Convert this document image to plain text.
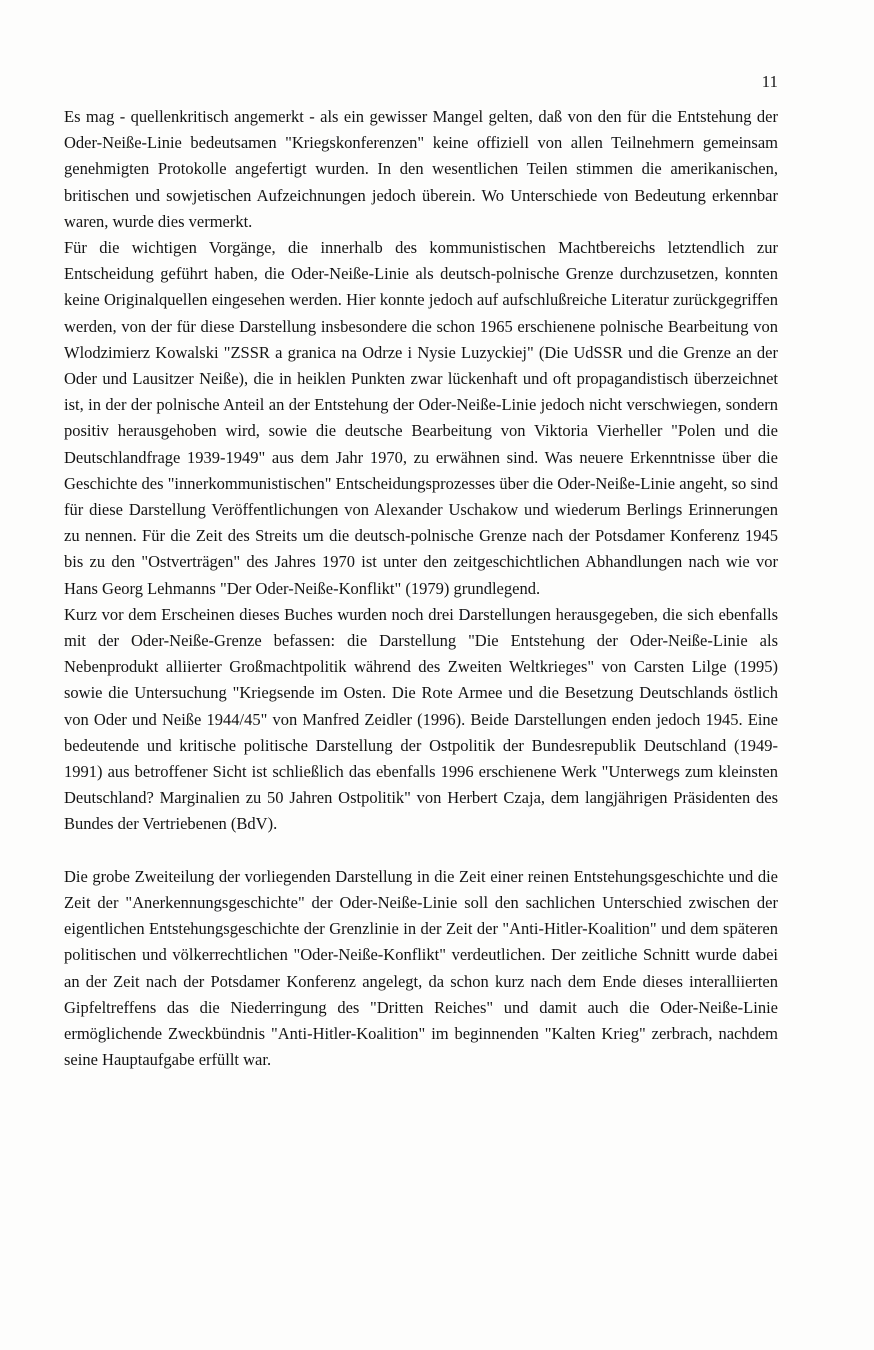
11

Es mag - quellenkritisch angemerkt - als ein gewisser Mangel gelten, daß von den für die Entstehung der Oder-Neiße-Linie bedeutsamen "Kriegskonferenzen" keine offiziell von allen Teilnehmern gemeinsam genehmigten Protokolle angefertigt wurden. In den wesentlichen Teilen stimmen die amerikanischen, britischen und sowjetischen Aufzeichnungen jedoch überein. Wo Unterschiede von Bedeutung erkennbar waren, wurde dies vermerkt.

Für die wichtigen Vorgänge, die innerhalb des kommunistischen Machtbereichs letztendlich zur Entscheidung geführt haben, die Oder-Neiße-Linie als deutsch-polnische Grenze durchzusetzen, konnten keine Originalquellen eingesehen werden. Hier konnte jedoch auf aufschlußreiche Literatur zurückgegriffen werden, von der für diese Darstellung insbesondere die schon 1965 erschienene polnische Bearbeitung von Wlodzimierz Kowalski "ZSSR a granica na Odrze i Nysie Luzyckiej" (Die UdSSR und die Grenze an der Oder und Lausitzer Neiße), die in heiklen Punkten zwar lückenhaft und oft propagandistisch überzeichnet ist, in der der polnische Anteil an der Entstehung der Oder-Neiße-Linie jedoch nicht verschwiegen, sondern positiv herausgehoben wird, sowie die deutsche Bearbeitung von Viktoria Vierheller "Polen und die Deutschlandfrage 1939-1949" aus dem Jahr 1970, zu erwähnen sind. Was neuere Erkenntnisse über die Geschichte des "innerkommunistischen" Entscheidungsprozesses über die Oder-Neiße-Linie angeht, so sind für diese Darstellung Veröffentlichungen von Alexander Uschakow und wiederum Berlings Erinnerungen zu nennen. Für die Zeit des Streits um die deutsch-polnische Grenze nach der Potsdamer Konferenz 1945 bis zu den "Ostverträgen" des Jahres 1970 ist unter den zeitgeschichtlichen Abhandlungen nach wie vor Hans Georg Lehmanns "Der Oder-Neiße-Konflikt" (1979) grundlegend.

Kurz vor dem Erscheinen dieses Buches wurden noch drei Darstellungen herausgegeben, die sich ebenfalls mit der Oder-Neiße-Grenze befassen: die Darstellung "Die Entstehung der Oder-Neiße-Linie als Nebenprodukt alliierter Großmachtpolitik während des Zweiten Weltkrieges" von Carsten Lilge (1995) sowie die Untersuchung "Kriegsende im Osten. Die Rote Armee und die Besetzung Deutschlands östlich von Oder und Neiße 1944/45" von Manfred Zeidler (1996). Beide Darstellungen enden jedoch 1945. Eine bedeutende und kritische politische Darstellung der Ostpolitik der Bundesrepublik Deutschland (1949-1991) aus betroffener Sicht ist schließlich das ebenfalls 1996 erschienene Werk "Unterwegs zum kleinsten Deutschland? Marginalien zu 50 Jahren Ostpolitik" von Herbert Czaja, dem langjährigen Präsidenten des Bundes der Vertriebenen (BdV).

Die grobe Zweiteilung der vorliegenden Darstellung in die Zeit einer reinen Entstehungsgeschichte und die Zeit der "Anerkennungsgeschichte" der Oder-Neiße-Linie soll den sachlichen Unterschied zwischen der eigentlichen Entstehungsgeschichte der Grenzlinie in der Zeit der "Anti-Hitler-Koalition" und dem späteren politischen und völkerrechtlichen "Oder-Neiße-Konflikt" verdeutlichen. Der zeitliche Schnitt wurde dabei an der Zeit nach der Potsdamer Konferenz angelegt, da schon kurz nach dem Ende dieses interalliierten Gipfeltreffens das die Niederringung des "Dritten Reiches" und damit auch die Oder-Neiße-Linie ermöglichende Zweckbündnis "Anti-Hitler-Koalition" im beginnenden "Kalten Krieg" zerbrach, nachdem seine Hauptaufgabe erfüllt war.
